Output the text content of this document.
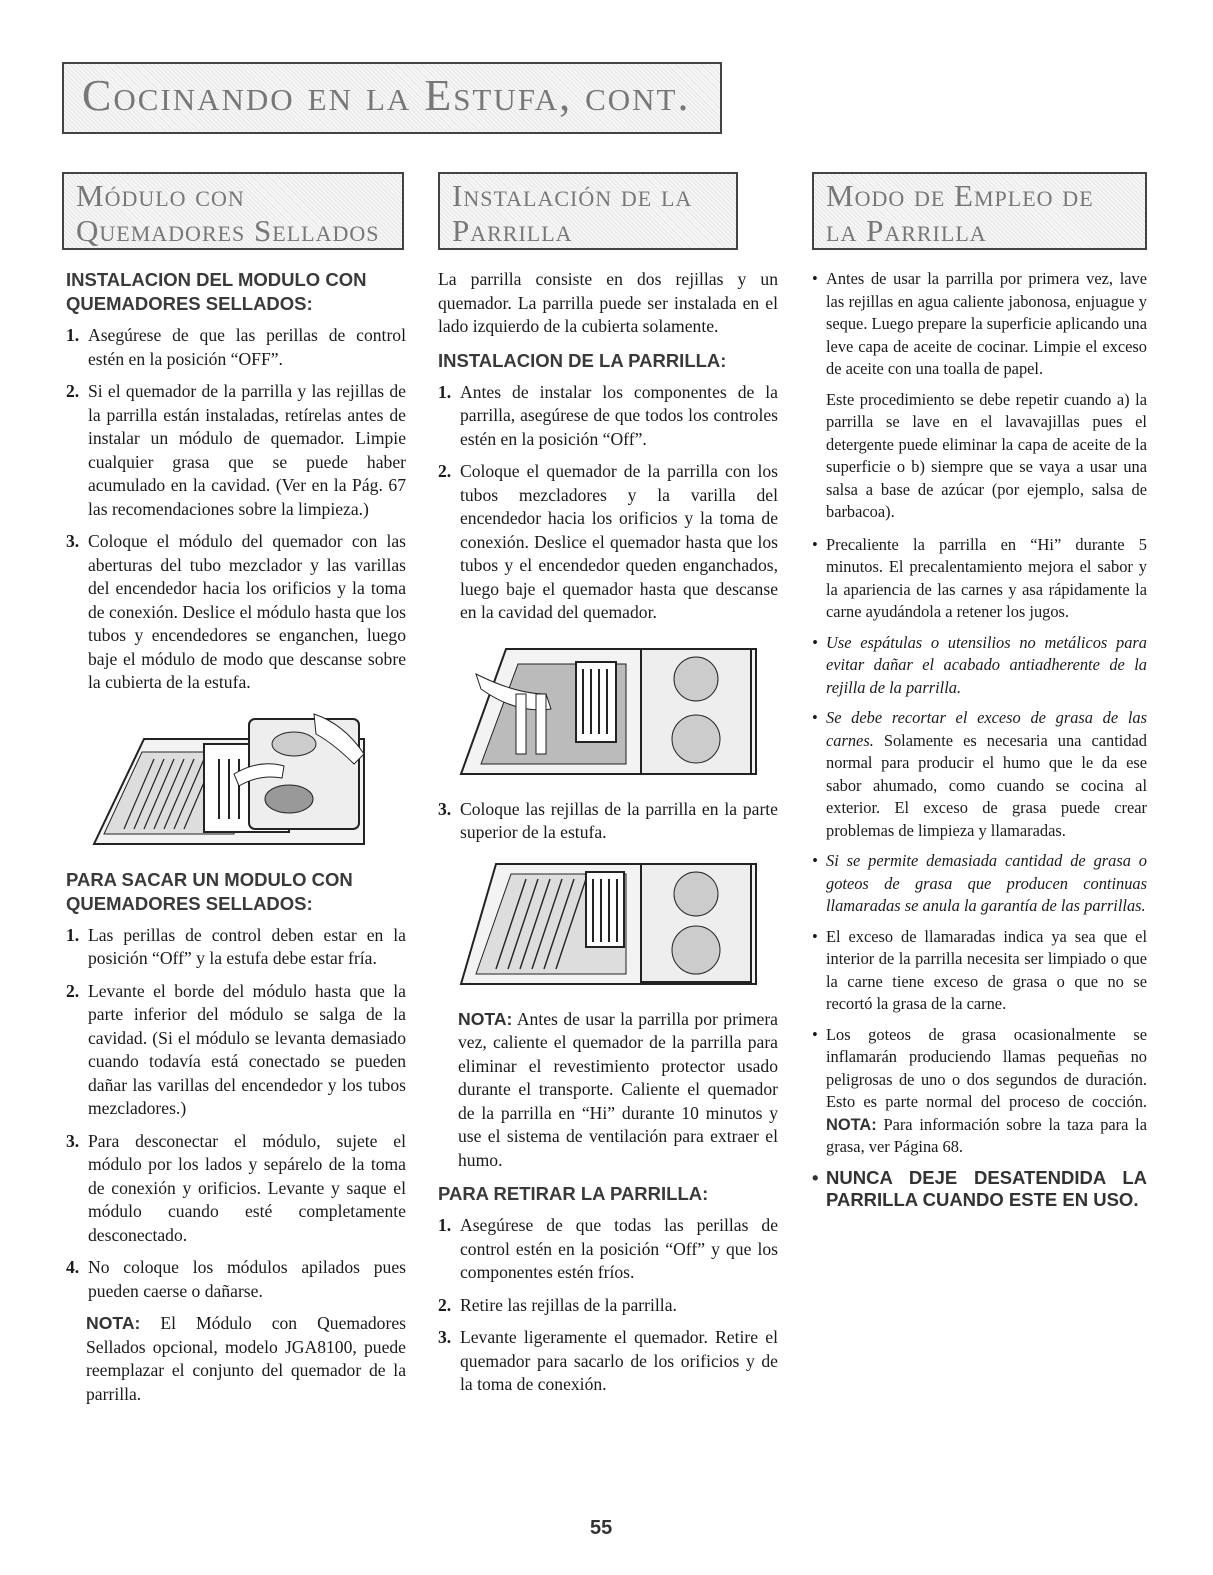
Cocinando en la Estufa, cont.
Módulo con
Quemadores Sellados
Instalación de la
Parrilla
Modo de Empleo de
la Parrilla
INSTALACION DEL MODULO CON QUEMADORES SELLADOS:
1. Asegúrese de que las perillas de control estén en la posición “OFF”.
2. Si el quemador de la parrilla y las rejillas de la parrilla están instaladas, retírelas antes de instalar un módulo de quemador. Limpie cualquier grasa que se puede haber acumulado en la cavidad. (Ver en la Pág. 67 las recomendaciones sobre la limpieza.)
3. Coloque el módulo del quemador con las aberturas del tubo mezclador y las varillas del encendedor hacia los orificios y la toma de conexión. Deslice el módulo hasta que los tubos y encendedores se enganchen, luego baje el módulo de modo que descanse sobre la cubierta de la estufa.
PARA SACAR UN MODULO CON QUEMADORES SELLADOS:
1. Las perillas de control deben estar en la posición “Off” y la estufa debe estar fría.
2. Levante el borde del módulo hasta que la parte inferior del módulo se salga de la cavidad. (Si el módulo se levanta demasiado cuando todavía está conectado se pueden dañar las varillas del encendedor y los tubos mezcladores.)
3. Para desconectar el módulo, sujete el módulo por los lados y sepárelo de la toma de conexión y orificios. Levante y saque el módulo cuando esté completamente desconectado.
4. No coloque los módulos apilados pues pueden caerse o dañarse.
NOTA: El Módulo con Quemadores Sellados opcional, modelo JGA8100, puede reemplazar el conjunto del quemador de la parrilla.

La parrilla consiste en dos rejillas y un quemador. La parrilla puede ser instalada en el lado izquierdo de la cubierta solamente.

INSTALACION DE LA PARRILLA:
1. Antes de instalar los componentes de la parrilla, asegúrese de que todos los controles estén en la posición “Off”.
2. Coloque el quemador de la parrilla con los tubos mezcladores y la varilla del encendedor hacia los orificios y la toma de conexión. Deslice el quemador hasta que los tubos y el encendedor queden enganchados, luego baje el quemador hasta que descanse en la cavidad del quemador.
3. Coloque las rejillas de la parrilla en la parte superior de la estufa.
NOTA: Antes de usar la parrilla por primera vez, caliente el quemador de la parrilla para eliminar el revestimiento protector usado durante el transporte. Caliente el quemador de la parrilla en “Hi” durante 10 minutos y use el sistema de ventilación para extraer el humo.
PARA RETIRAR LA PARRILLA:
1. Asegúrese de que todas las perillas de control estén en la posición “Off” y que los componentes estén fríos.
2. Retire las rejillas de la parrilla.
3. Levante ligeramente el quemador. Retire el quemador para sacarlo de los orificios y de la toma de conexión.
• Antes de usar la parrilla por primera vez, lave las rejillas en agua caliente jabonosa, enjuague y seque. Luego prepare la superficie aplicando una leve capa de aceite de cocinar. Limpie el exceso de aceite con una toalla de papel.

Este procedimiento se debe repetir cuando a) la parrilla se lave en el lavavajillas pues el detergente puede eliminar la capa de aceite de la superficie o b) siempre que se vaya a usar una salsa a base de azúcar (por ejemplo, salsa de barbacoa).

• Precaliente la parrilla en “Hi” durante 5 minutos. El precalentamiento mejora el sabor y la apariencia de las carnes y asa rápidamente la carne ayudándola a retener los jugos.
• Use espátulas o utensilios no metálicos para evitar dañar el acabado antiadherente de la rejilla de la parrilla.
• Se debe recortar el exceso de grasa de las carnes. Solamente es necesaria una cantidad normal para producir el humo que le da ese sabor ahumado, como cuando se cocina al exterior. El exceso de grasa puede crear problemas de limpieza y llamaradas.
• Si se permite demasiada cantidad de grasa o goteos de grasa que producen continuas llamaradas se anula la garantía de las parrillas.
• El exceso de llamaradas indica ya sea que el interior de la parrilla necesita ser limpiado o que la carne tiene exceso de grasa o que no se recortó la grasa de la carne.
• Los goteos de grasa ocasionalmente se inflamarán produciendo llamas pequeñas no peligrosas de uno o dos segundos de duración. Esto es parte normal del proceso de cocción. NOTA: Para información sobre la taza para la grasa, ver Página 68.
• NUNCA DEJE DESATENDIDA LA PARRILLA CUANDO ESTE EN USO.
55
